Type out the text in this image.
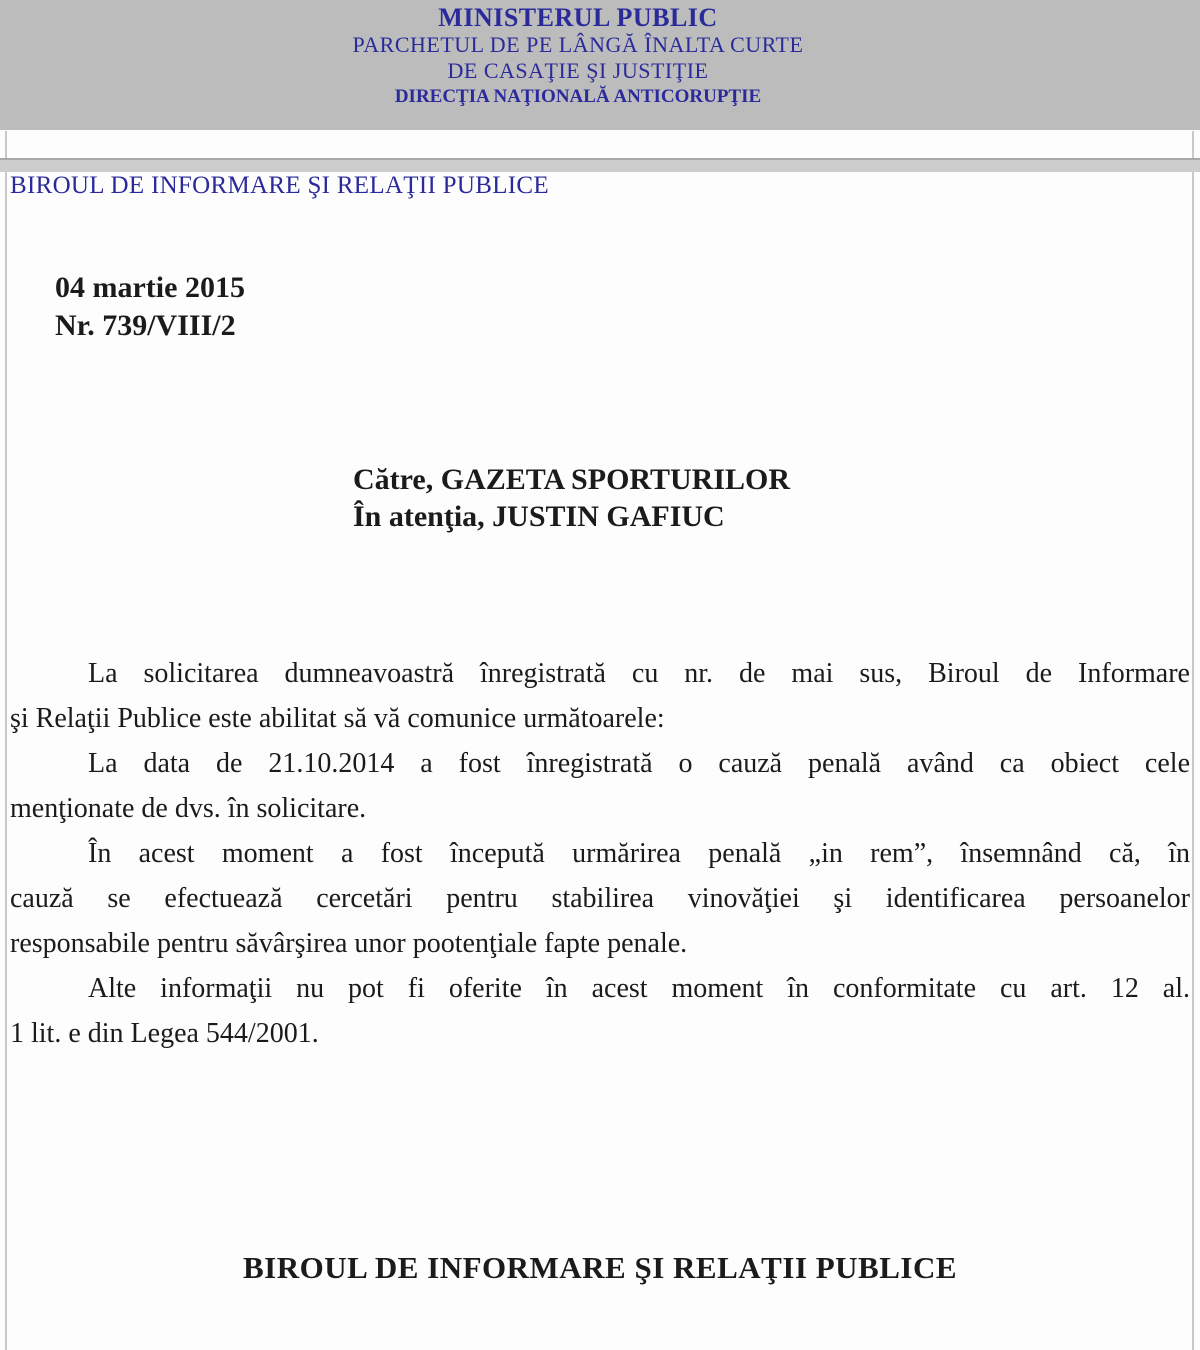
MINISTERUL PUBLIC
PARCHETUL DE PE LÂNGĂ ÎNALTA CURTE
DE CASAŢIE ŞI JUSTIŢIE
DIRECŢIA NAŢIONALĂ ANTICORUPŢIE
BIROUL DE INFORMARE ŞI RELAŢII PUBLICE
04 martie 2015
Nr. 739/VIII/2
Către, GAZETA SPORTURILOR
În atenţia, JUSTIN GAFIUC
La solicitarea dumneavoastră înregistrată cu nr. de mai sus, Biroul de Informare
şi Relaţii Publice este abilitat să vă comunice următoarele:
La data de 21.10.2014 a fost înregistrată o cauză penală având ca obiect cele
menţionate de dvs. în solicitare.
În acest moment a fost începută urmărirea penală „in rem”, însemnând că, în
cauză se efectuează cercetări pentru stabilirea vinovăţiei şi identificarea persoanelor
responsabile pentru săvârşirea unor pootenţiale fapte penale.
Alte informaţii nu pot fi oferite în acest moment în conformitate cu art. 12 al.
1 lit. e din Legea 544/2001.
BIROUL DE INFORMARE ŞI RELAŢII PUBLICE
